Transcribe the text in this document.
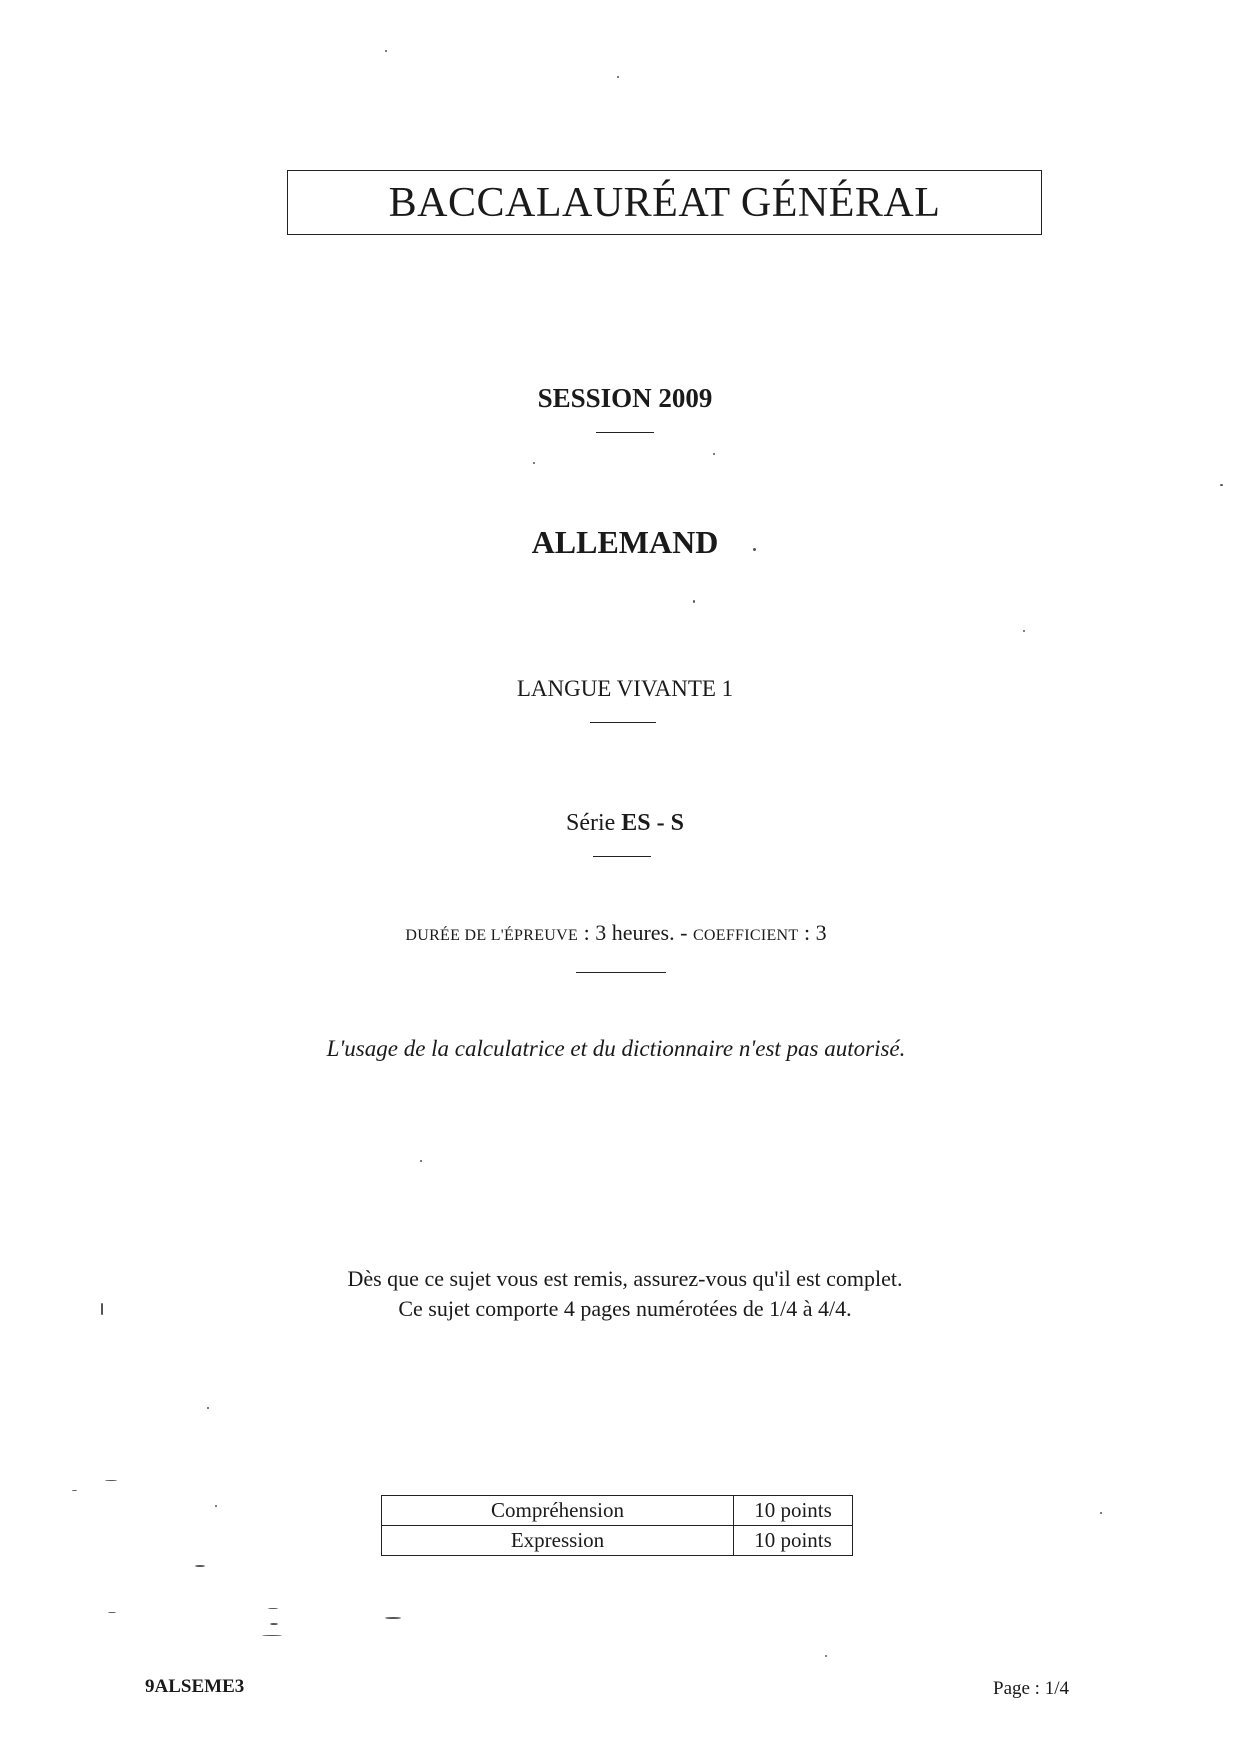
BACCALAURÉAT GÉNÉRAL
SESSION 2009
ALLEMAND
LANGUE VIVANTE 1
Série ES - S
DURÉE DE L'ÉPREUVE : 3 heures. - COEFFICIENT : 3
L'usage de la calculatrice et du dictionnaire n'est pas autorisé.
Dès que ce sujet vous est remis, assurez-vous qu'il est complet.
Ce sujet comporte 4 pages numérotées de 1/4 à 4/4.
Compréhension	10 points
Expression	10 points
9ALSEME3	Page : 1/4
